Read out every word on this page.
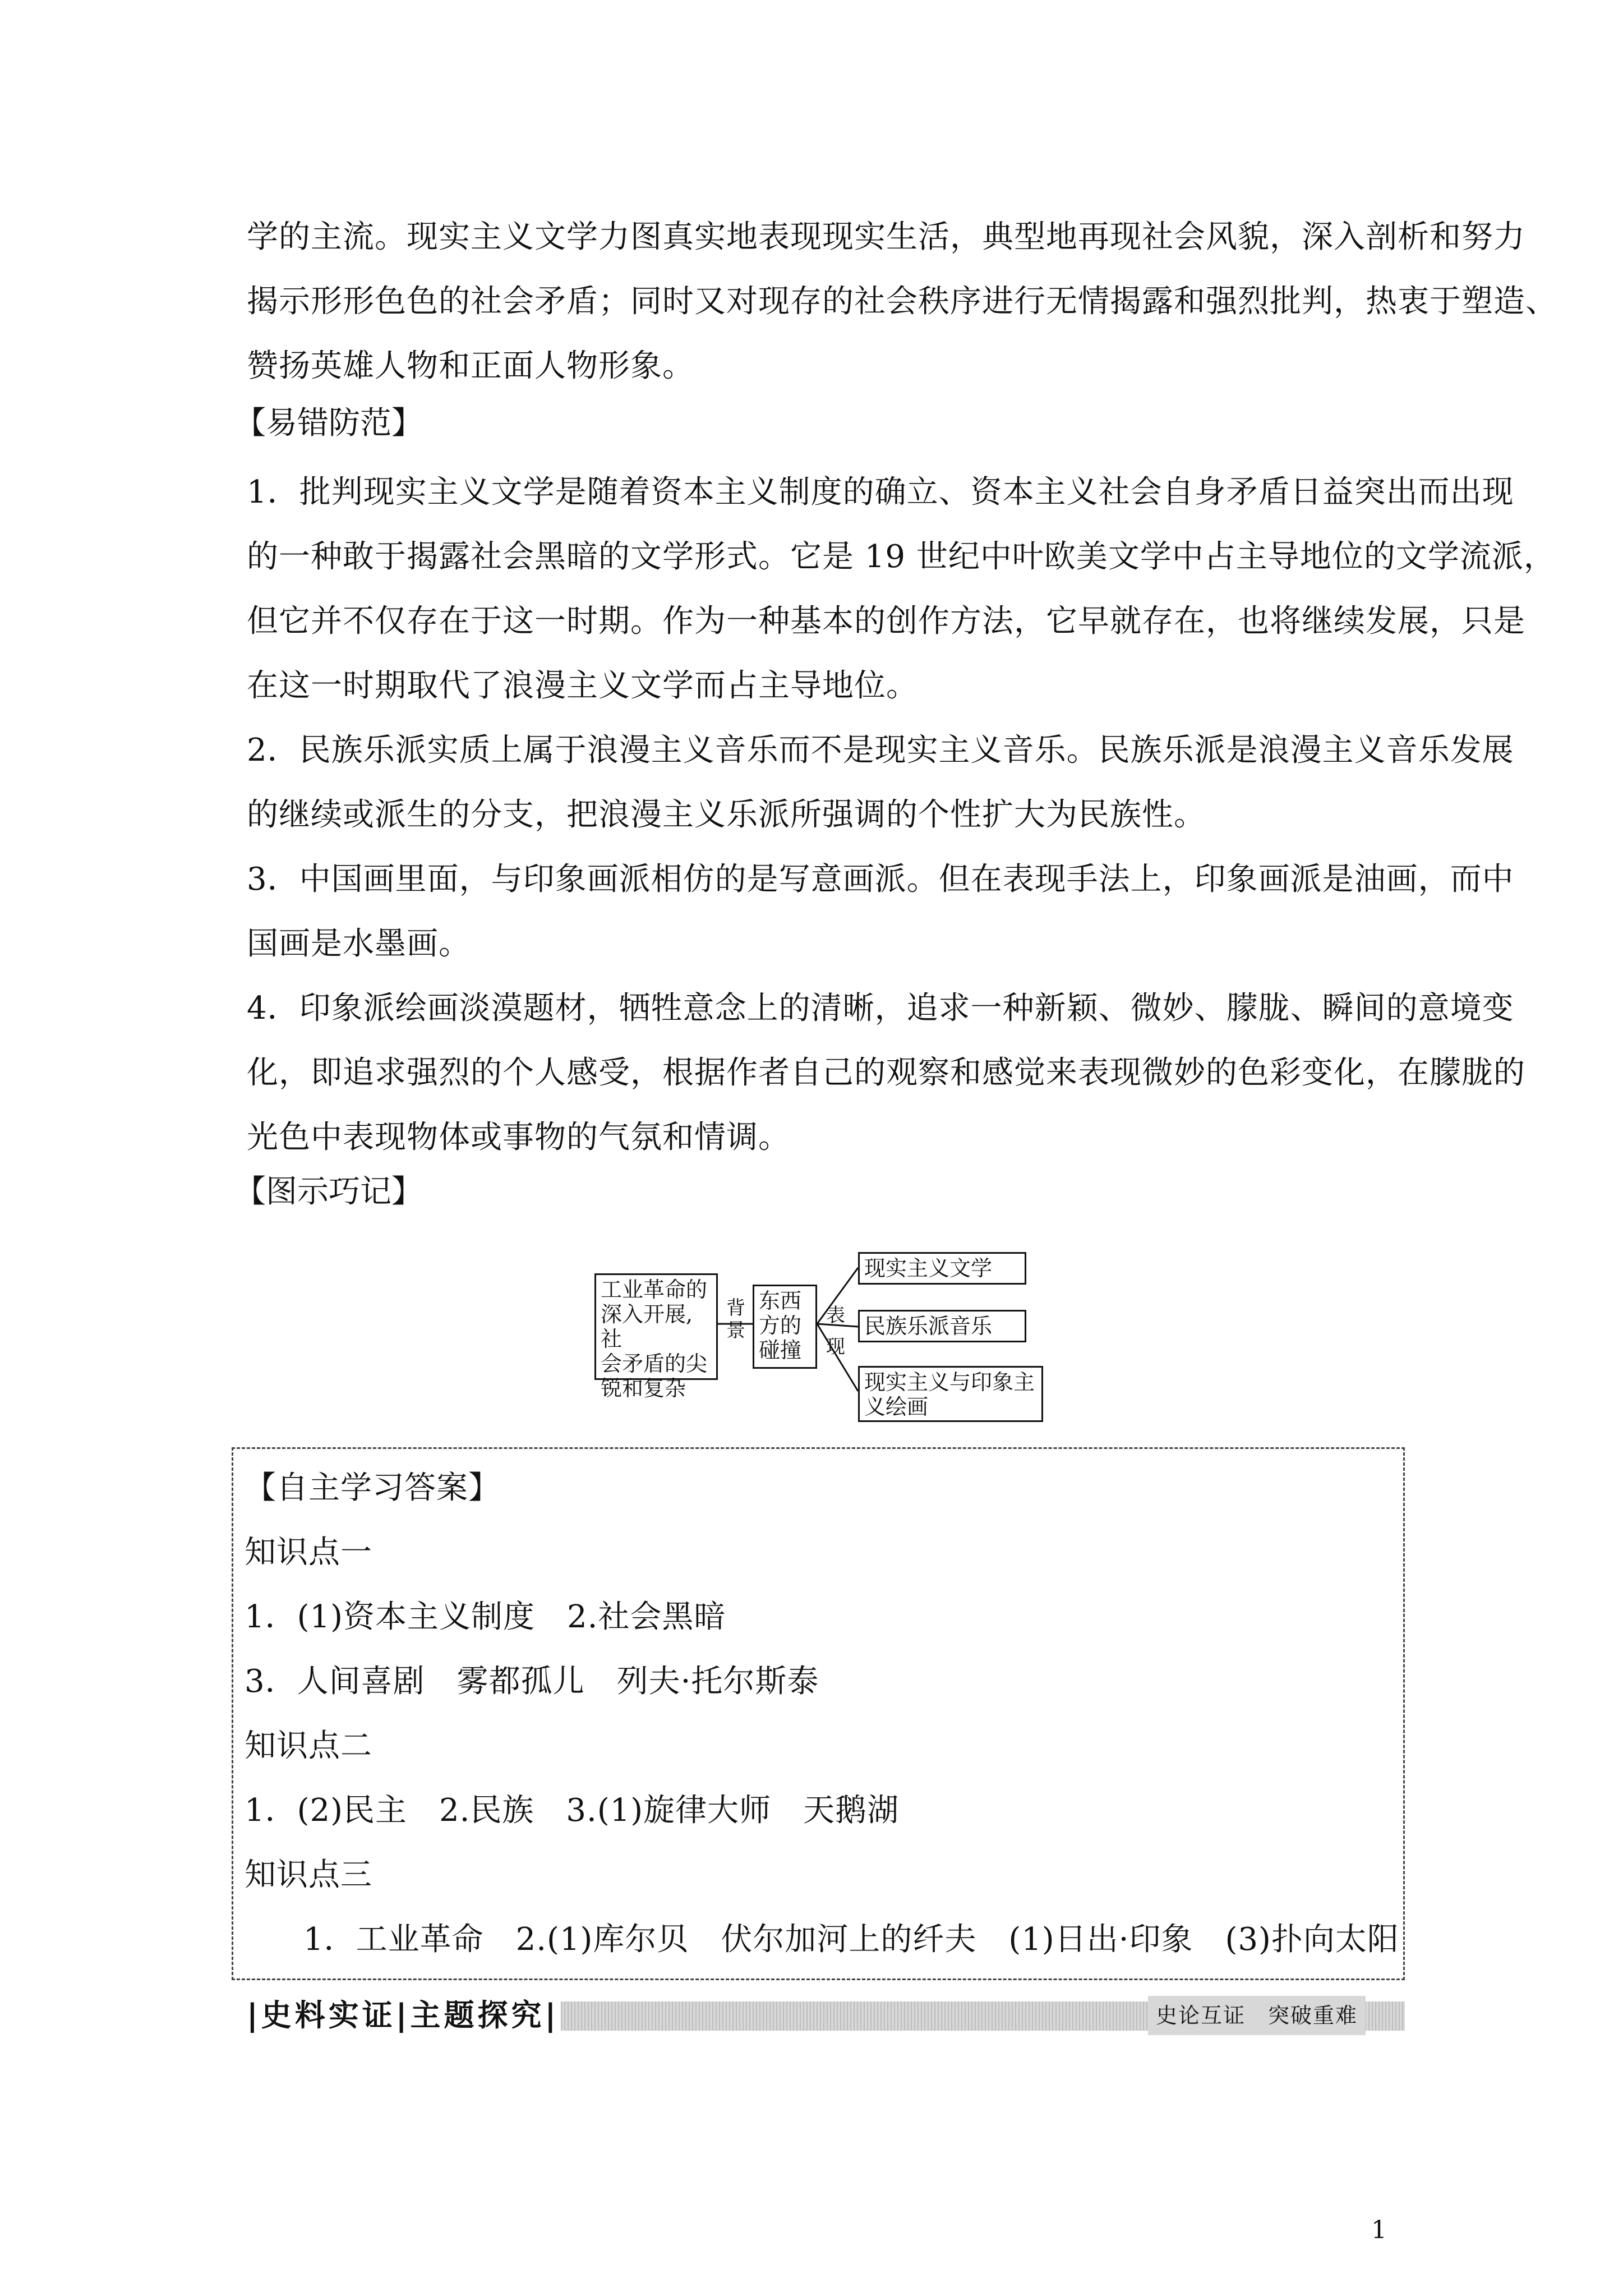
学的主流。现实主义文学力图真实地表现现实生活，典型地再现社会风貌，深入剖析和努力
揭示形形色色的社会矛盾；同时又对现存的社会秩序进行无情揭露和强烈批判，热衷于塑造、
赞扬英雄人物和正面人物形象。
【易错防范】
1．批判现实主义文学是随着资本主义制度的确立、资本主义社会自身矛盾日益突出而出现
的一种敢于揭露社会黑暗的文学形式。它是 19 世纪中叶欧美文学中占主导地位的文学流派，
但它并不仅存在于这一时期。作为一种基本的创作方法，它早就存在，也将继续发展，只是
在这一时期取代了浪漫主义文学而占主导地位。
2．民族乐派实质上属于浪漫主义音乐而不是现实主义音乐。民族乐派是浪漫主义音乐发展
的继续或派生的分支，把浪漫主义乐派所强调的个性扩大为民族性。
3．中国画里面，与印象画派相仿的是写意画派。但在表现手法上，印象画派是油画，而中
国画是水墨画。
4．印象派绘画淡漠题材，牺牲意念上的清晰，追求一种新颖、微妙、朦胧、瞬间的意境变
化，即追求强烈的个人感受，根据作者自己的观察和感觉来表现微妙的色彩变化，在朦胧的
光色中表现物体或事物的气氛和情调。
【图示巧记】
工业革命的
深入开展,社
会矛盾的尖
锐和复杂
背
景
东西
方的
碰撞
表
现
现实主义文学
民族乐派音乐
现实主义与印象主
义绘画
【自主学习答案】
知识点一
1．(1)资本主义制度　2.社会黑暗
3．人间喜剧　雾都孤儿　列夫·托尔斯泰
知识点二
1．(2)民主　2.民族　3.(1)旋律大师　天鹅湖
知识点三
1．工业革命　2.(1)库尔贝　伏尔加河上的纤夫　(1)日出·印象　(3)扑向太阳
|史料实证|主题探究|	史论互证　突破重难
1
